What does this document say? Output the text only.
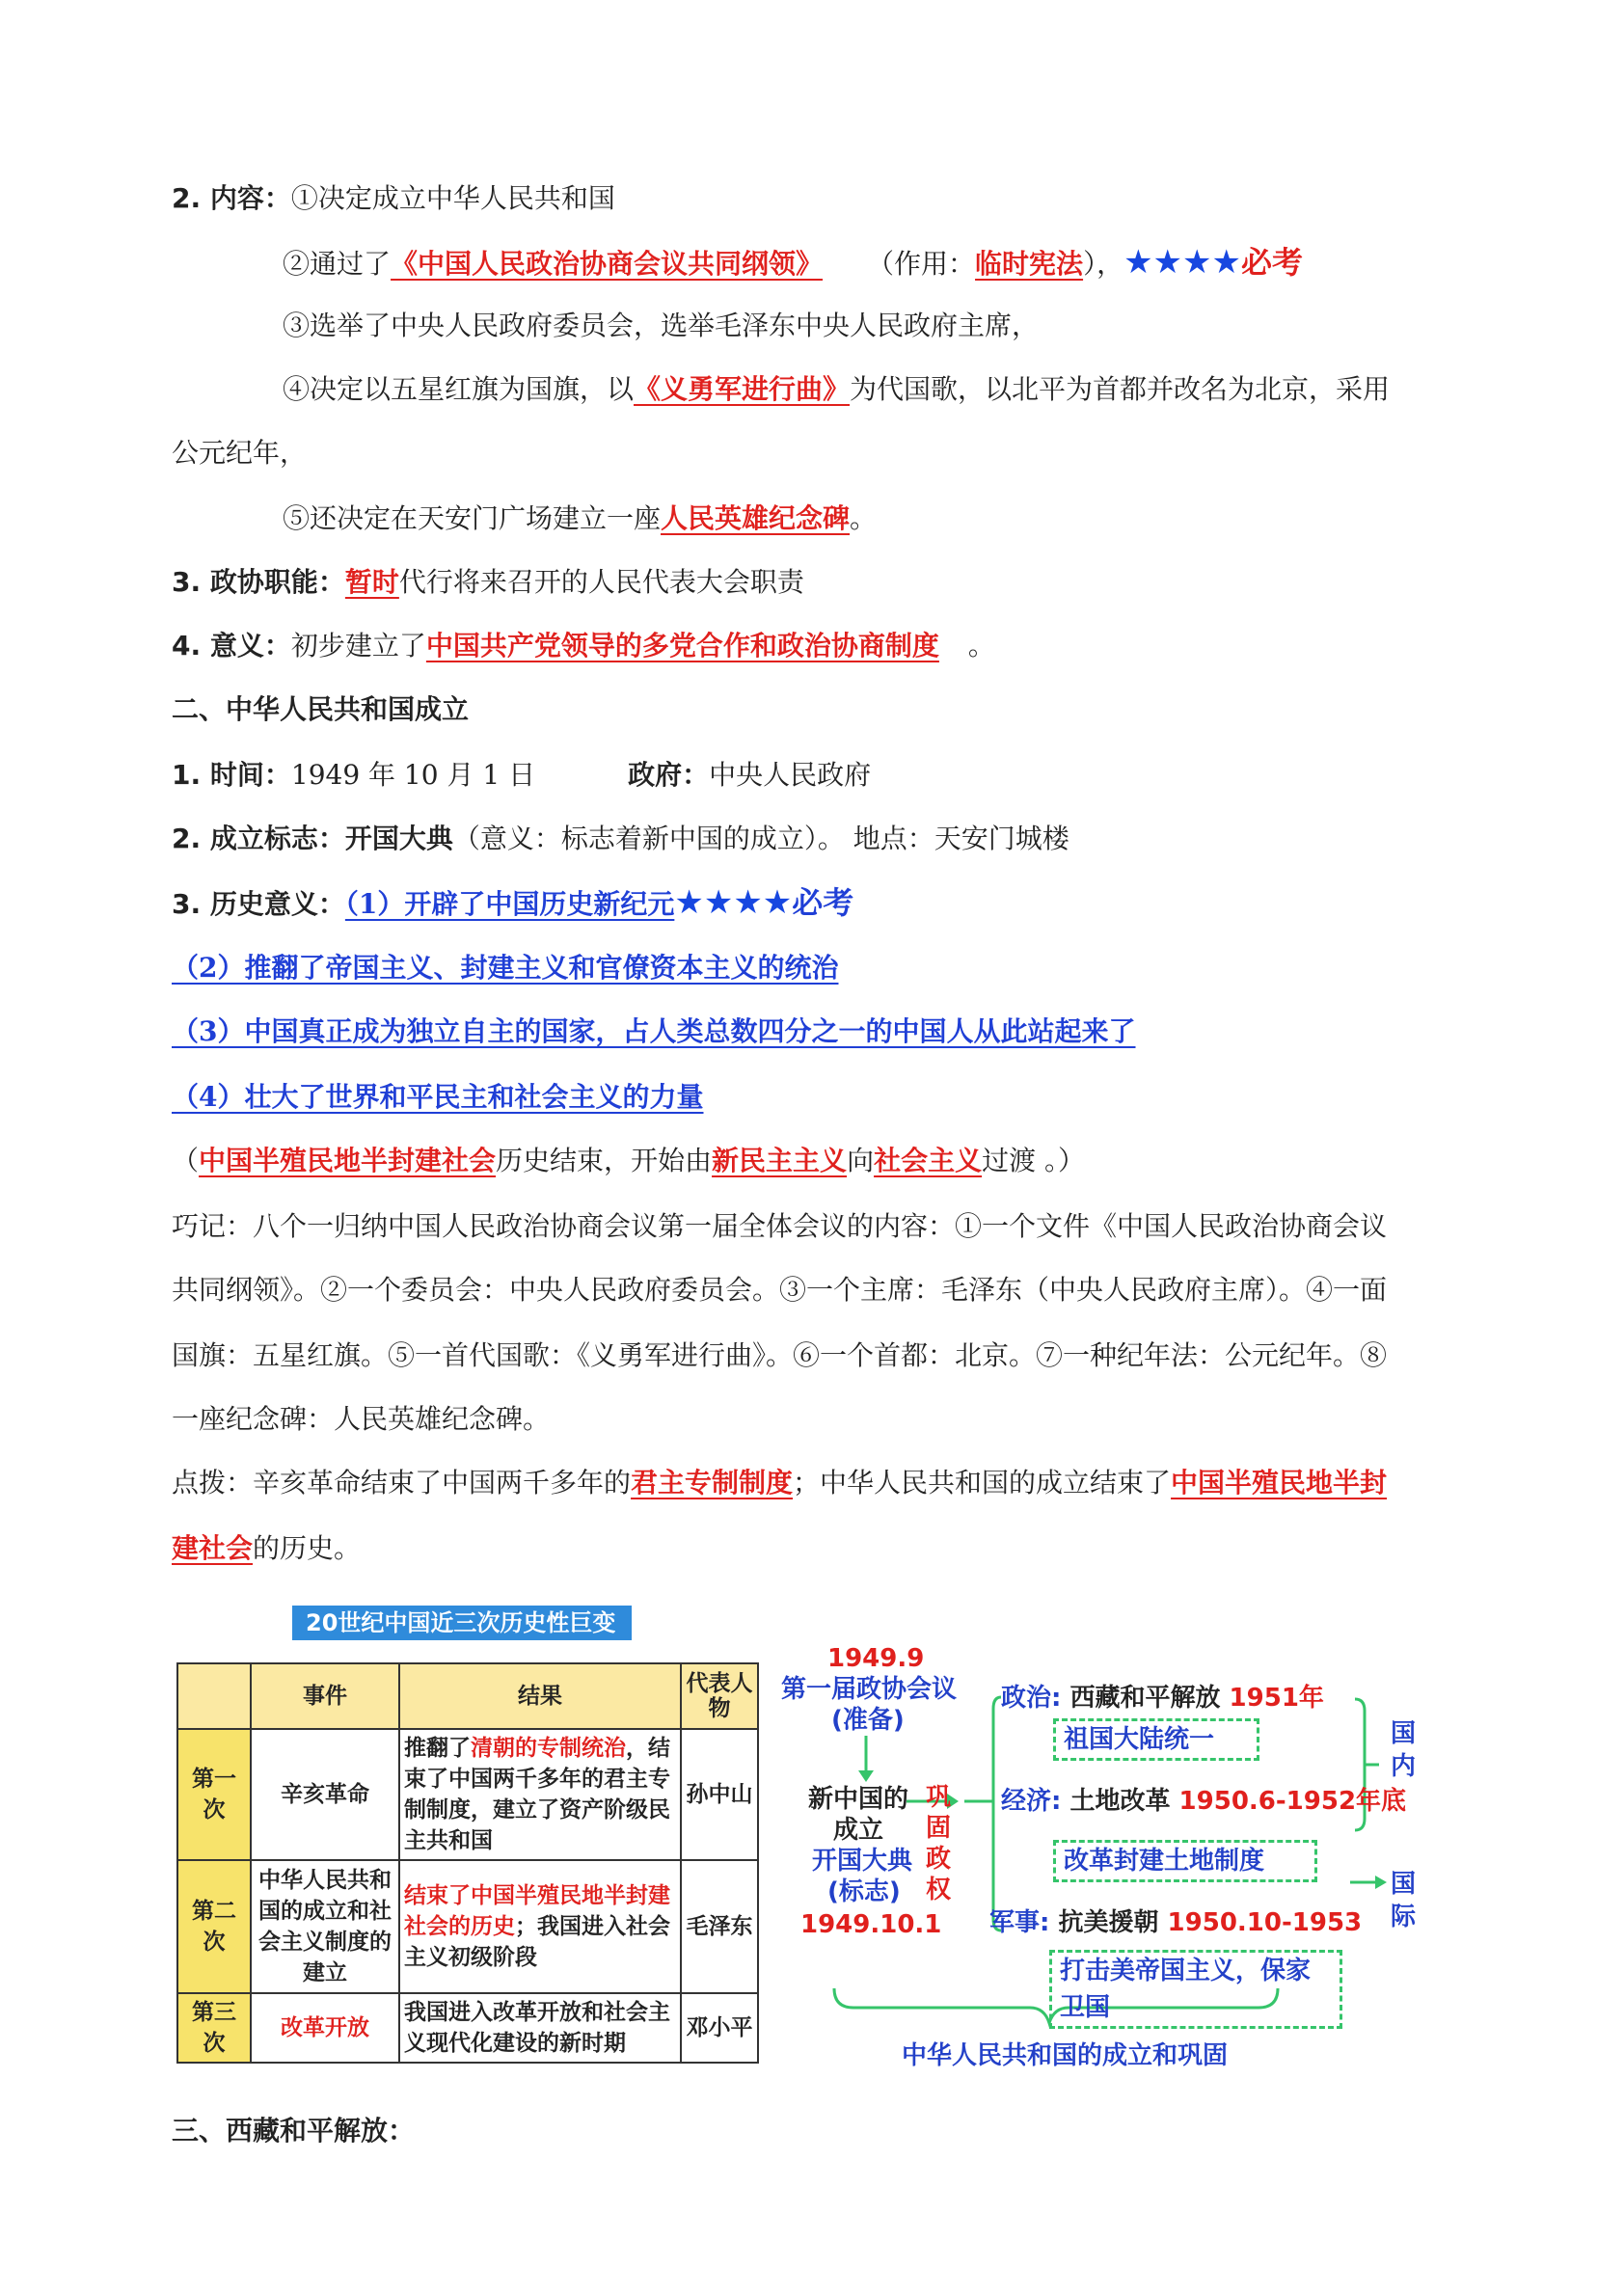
2. 内容：①决定成立中华人民共和国
②通过了《中国人民政治协商会议共同纲领》 （作用：临时宪法），★★★★必考
③选举了中央人民政府委员会，选举毛泽东中央人民政府主席，
④决定以五星红旗为国旗，以《义勇军进行曲》为代国歌，以北平为首都并改名为北京，采用
公元纪年，
⑤还决定在天安门广场建立一座人民英雄纪念碑。
3. 政协职能：暂时代行将来召开的人民代表大会职责
4. 意义：初步建立了中国共产党领导的多党合作和政治协商制度 。
二、中华人民共和国成立
1. 时间：1949 年 10 月 1 日	政府：中央人民政府
2. 成立标志：开国大典（意义：标志着新中国的成立）。 地点：天安门城楼
3. 历史意义：（1）开辟了中国历史新纪元★★★★必考
（2）推翻了帝国主义、封建主义和官僚资本主义的统治
（3）中国真正成为独立自主的国家，占人类总数四分之一的中国人从此站起来了
（4）壮大了世界和平民主和社会主义的力量
（中国半殖民地半封建社会历史结束，开始由新民主主义向社会主义过渡 。）
巧记：八个一归纳中国人民政治协商会议第一届全体会议的内容：①一个文件《中国人民政治协商会议
共同纲领》。②一个委员会：中央人民政府委员会。③一个主席：毛泽东（中央人民政府主席）。④一面
国旗：五星红旗。⑤一首代国歌：《义勇军进行曲》。⑥一个首都：北京。⑦一种纪年法：公元纪年。⑧
一座纪念碑：人民英雄纪念碑。
点拨：辛亥革命结束了中国两千多年的君主专制制度；中华人民共和国的成立结束了中国半殖民地半封
建社会的历史。
20世纪中国近三次历史性巨变
	事件	结果	代表人物
第一次	辛亥革命	推翻了清朝的专制统治，结束了中国两千多年的君主专制制度，建立了资产阶级民主共和国	孙中山
第二次	中华人民共和国的成立和社会主义制度的建立	结束了中国半殖民地半封建社会的历史；我国进入社会主义初级阶段	毛泽东
第三次	改革开放	我国进入改革开放和社会主义现代化建设的新时期	邓小平
1949.9
第一届政协会议
(准备)
新中国的
成立
开国大典
(标志)
1949.10.1
巩
固
政
权
政治: 西藏和平解放 1951年
祖国大陆统一
经济: 土地改革 1950.6-1952年底
改革封建土地制度
军事: 抗美援朝 1950.10-1953
打击美帝国主义，保家卫国
国
内
国
际
中华人民共和国的成立和巩固
三、西藏和平解放：
